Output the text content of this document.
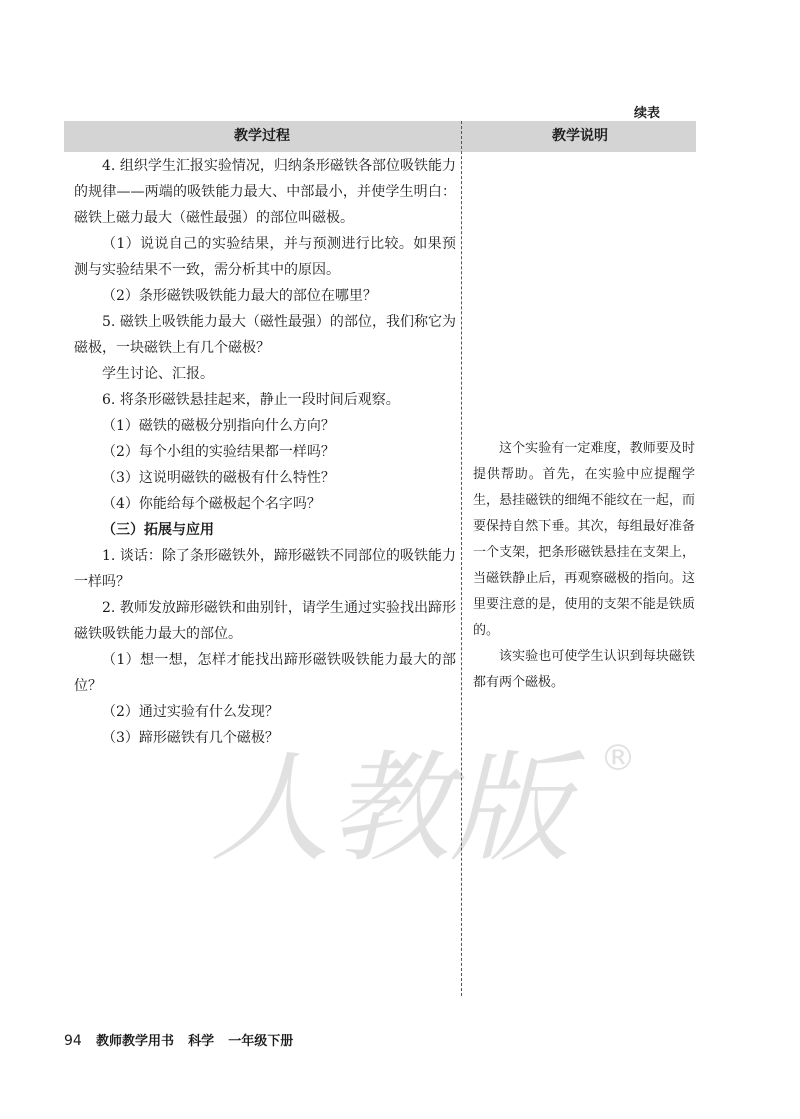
续表
教学过程	教学说明

4. 组织学生汇报实验情况，归纳条形磁铁各部位吸铁能力的规律——两端的吸铁能力最大、中部最小，并使学生明白：磁铁上磁力最大（磁性最强）的部位叫磁极。

（1）说说自己的实验结果，并与预测进行比较。如果预测与实验结果不一致，需分析其中的原因。

（2）条形磁铁吸铁能力最大的部位在哪里？

5. 磁铁上吸铁能力最大（磁性最强）的部位，我们称它为磁极，一块磁铁上有几个磁极？

学生讨论、汇报。

6. 将条形磁铁悬挂起来，静止一段时间后观察。

（1）磁铁的磁极分别指向什么方向？

（2）每个小组的实验结果都一样吗？

（3）这说明磁铁的磁极有什么特性？

（4）你能给每个磁极起个名字吗？

（三）拓展与应用

1. 谈话：除了条形磁铁外，蹄形磁铁不同部位的吸铁能力一样吗？

2. 教师发放蹄形磁铁和曲别针，请学生通过实验找出蹄形磁铁吸铁能力最大的部位。

（1）想一想，怎样才能找出蹄形磁铁吸铁能力最大的部位？

（2）通过实验有什么发现？

（3）蹄形磁铁有几个磁极？

这个实验有一定难度，教师要及时提供帮助。首先，在实验中应提醒学生，悬挂磁铁的细绳不能纹在一起，而要保持自然下垂。其次，每组最好准备一个支架，把条形磁铁悬挂在支架上，当磁铁静止后，再观察磁极的指向。这里要注意的是，使用的支架不能是铁质的。

该实验也可使学生认识到每块磁铁都有两个磁极。

人教版 ®
94 教师教学用书 科学 一年级下册
